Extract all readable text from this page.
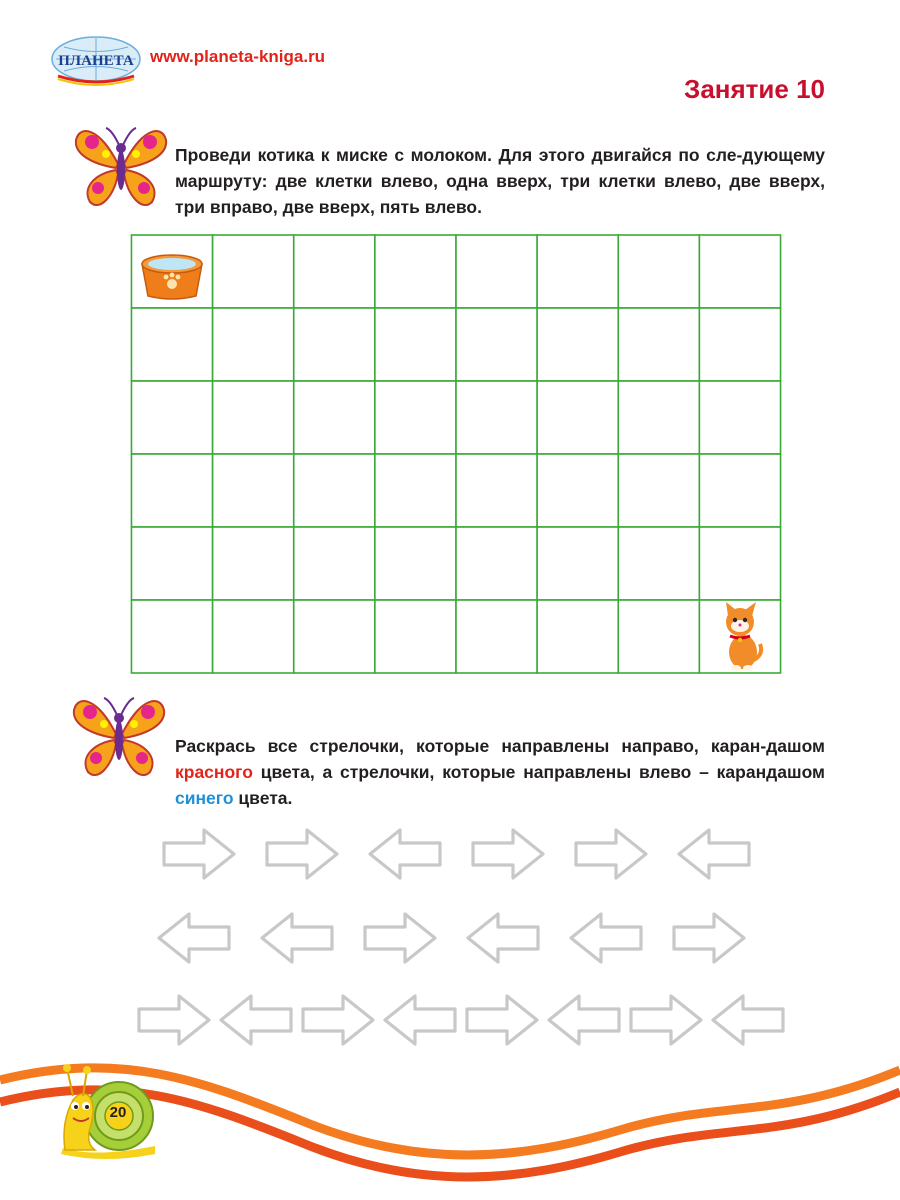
ПЛАНЕТА www.planeta-kniga.ru
Занятие 10
Проведи котика к миске с молоком. Для этого двигайся по сле-дующему маршруту: две клетки влево, одна вверх, три клетки влево, две вверх, три вправо, две вверх, пять влево.
Раскрась все стрелочки, которые направлены направо, каран-дашом красного цвета, а стрелочки, которые направлены влево – карандашом синего цвета.
20
